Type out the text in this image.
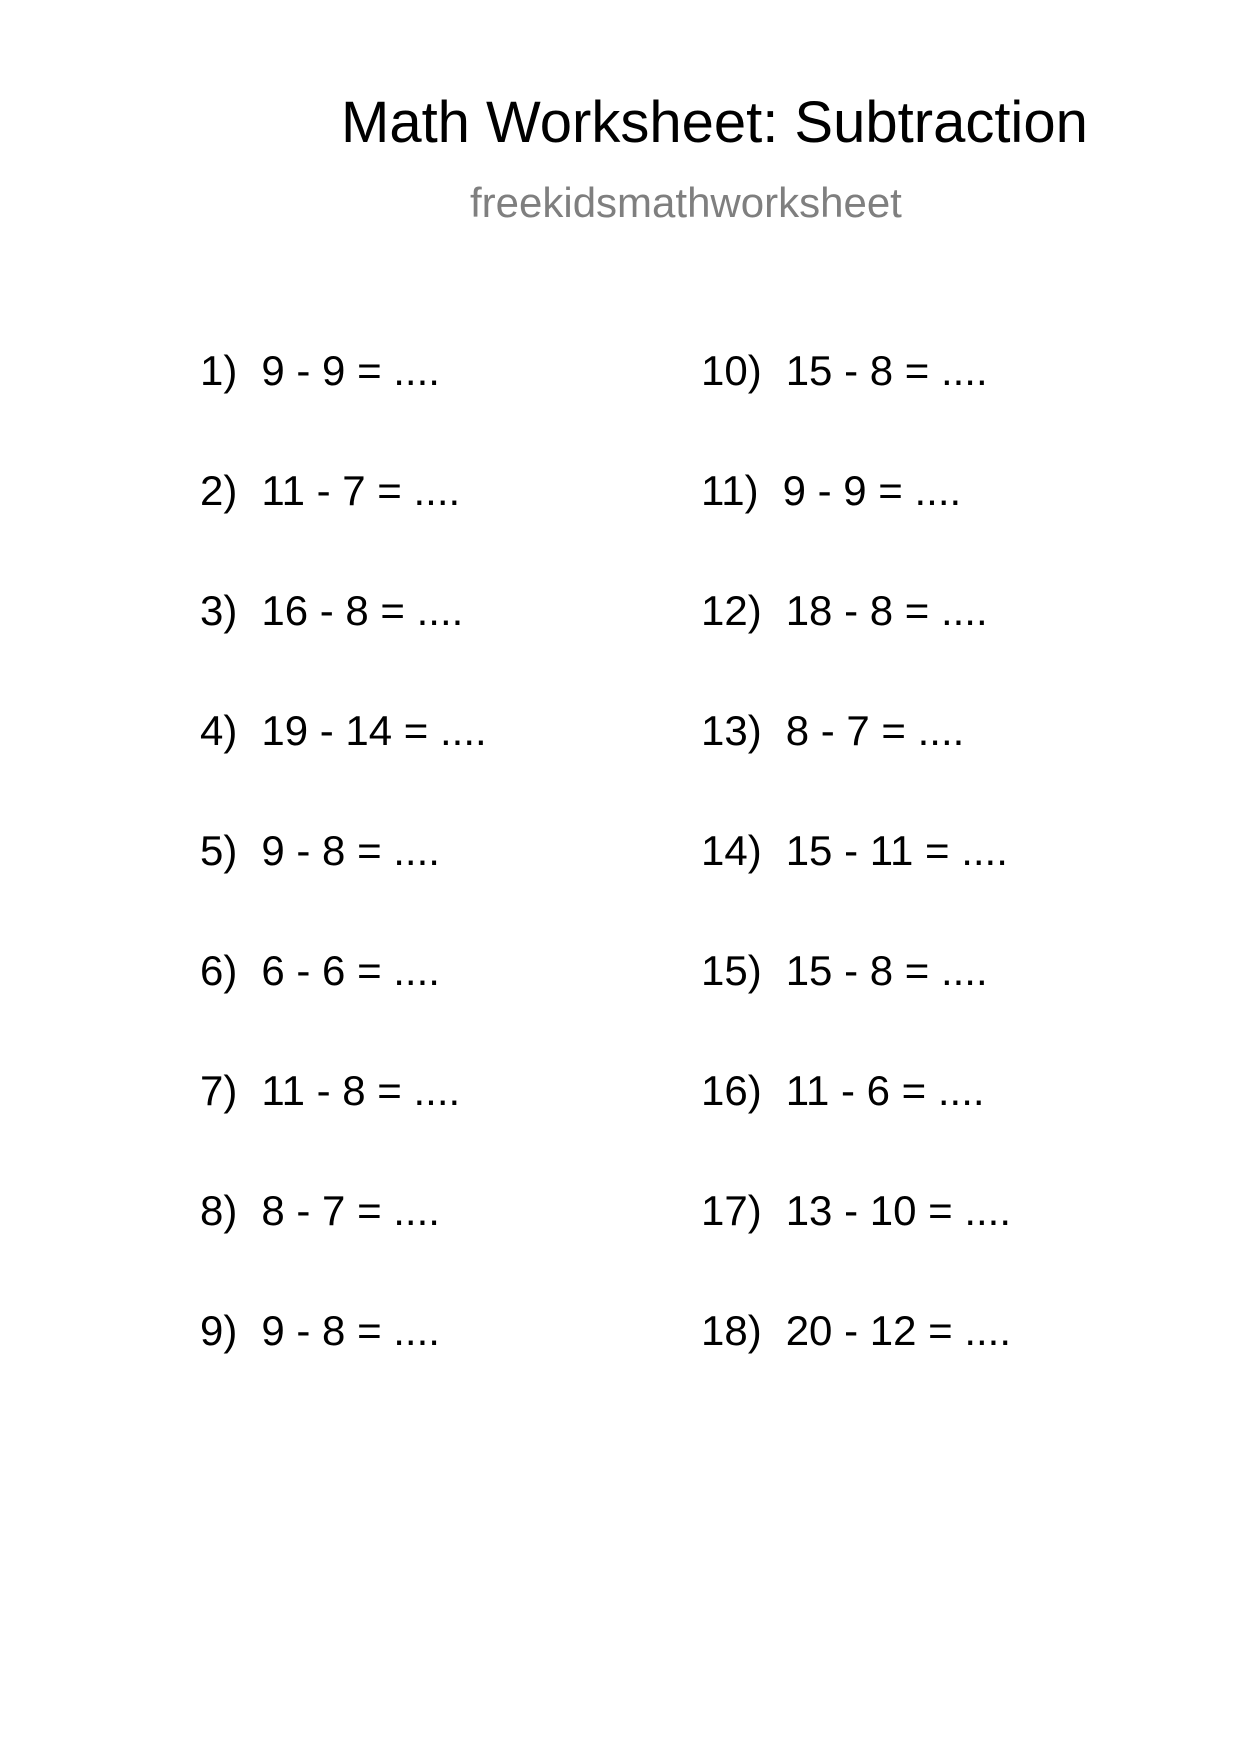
Math Worksheet: Subtraction
freekidsmathworksheet
1) 9 - 9 = ....
2) 11 - 7 = ....
3) 16 - 8 = ....
4) 19 - 14 = ....
5) 9 - 8 = ....
6) 6 - 6 = ....
7) 11 - 8 = ....
8) 8 - 7 = ....
9) 9 - 8 = ....
10) 15 - 8 = ....
11) 9 - 9 = ....
12) 18 - 8 = ....
13) 8 - 7 = ....
14) 15 - 11 = ....
15) 15 - 8 = ....
16) 11 - 6 = ....
17) 13 - 10 = ....
18) 20 - 12 = ....
